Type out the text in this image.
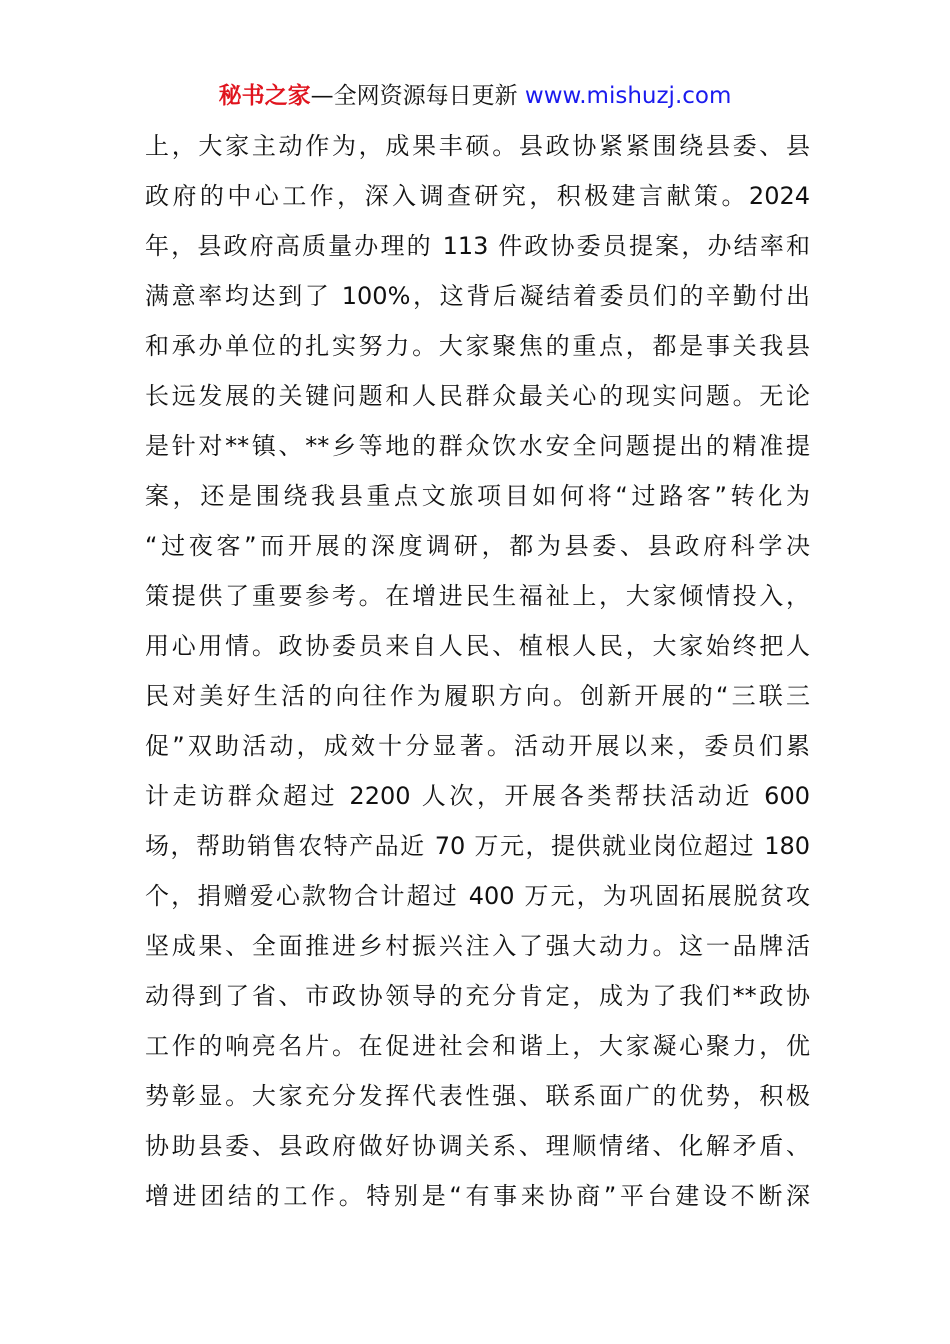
秘书之家—全网资源每日更新 www.mishuzj.com
上，大家主动作为，成果丰硕。县政协紧紧围绕县委、县
政府的中心工作，深入调查研究，积极建言献策。2024
年，县政府高质量办理的 113 件政协委员提案，办结率和
满意率均达到了 100%，这背后凝结着委员们的辛勤付出
和承办单位的扎实努力。大家聚焦的重点，都是事关我县
长远发展的关键问题和人民群众最关心的现实问题。无论
是针对**镇、**乡等地的群众饮水安全问题提出的精准提
案，还是围绕我县重点文旅项目如何将“过路客”转化为
“过夜客”而开展的深度调研，都为县委、县政府科学决
策提供了重要参考。在增进民生福祉上，大家倾情投入，
用心用情。政协委员来自人民、植根人民，大家始终把人
民对美好生活的向往作为履职方向。创新开展的“三联三
促”双助活动，成效十分显著。活动开展以来，委员们累
计走访群众超过 2200 人次，开展各类帮扶活动近 600
场，帮助销售农特产品近 70 万元，提供就业岗位超过 180
个，捐赠爱心款物合计超过 400 万元，为巩固拓展脱贫攻
坚成果、全面推进乡村振兴注入了强大动力。这一品牌活
动得到了省、市政协领导的充分肯定，成为了我们**政协
工作的响亮名片。在促进社会和谐上，大家凝心聚力，优
势彰显。大家充分发挥代表性强、联系面广的优势，积极
协助县委、县政府做好协调关系、理顺情绪、化解矛盾、
增进团结的工作。特别是“有事来协商”平台建设不断深
